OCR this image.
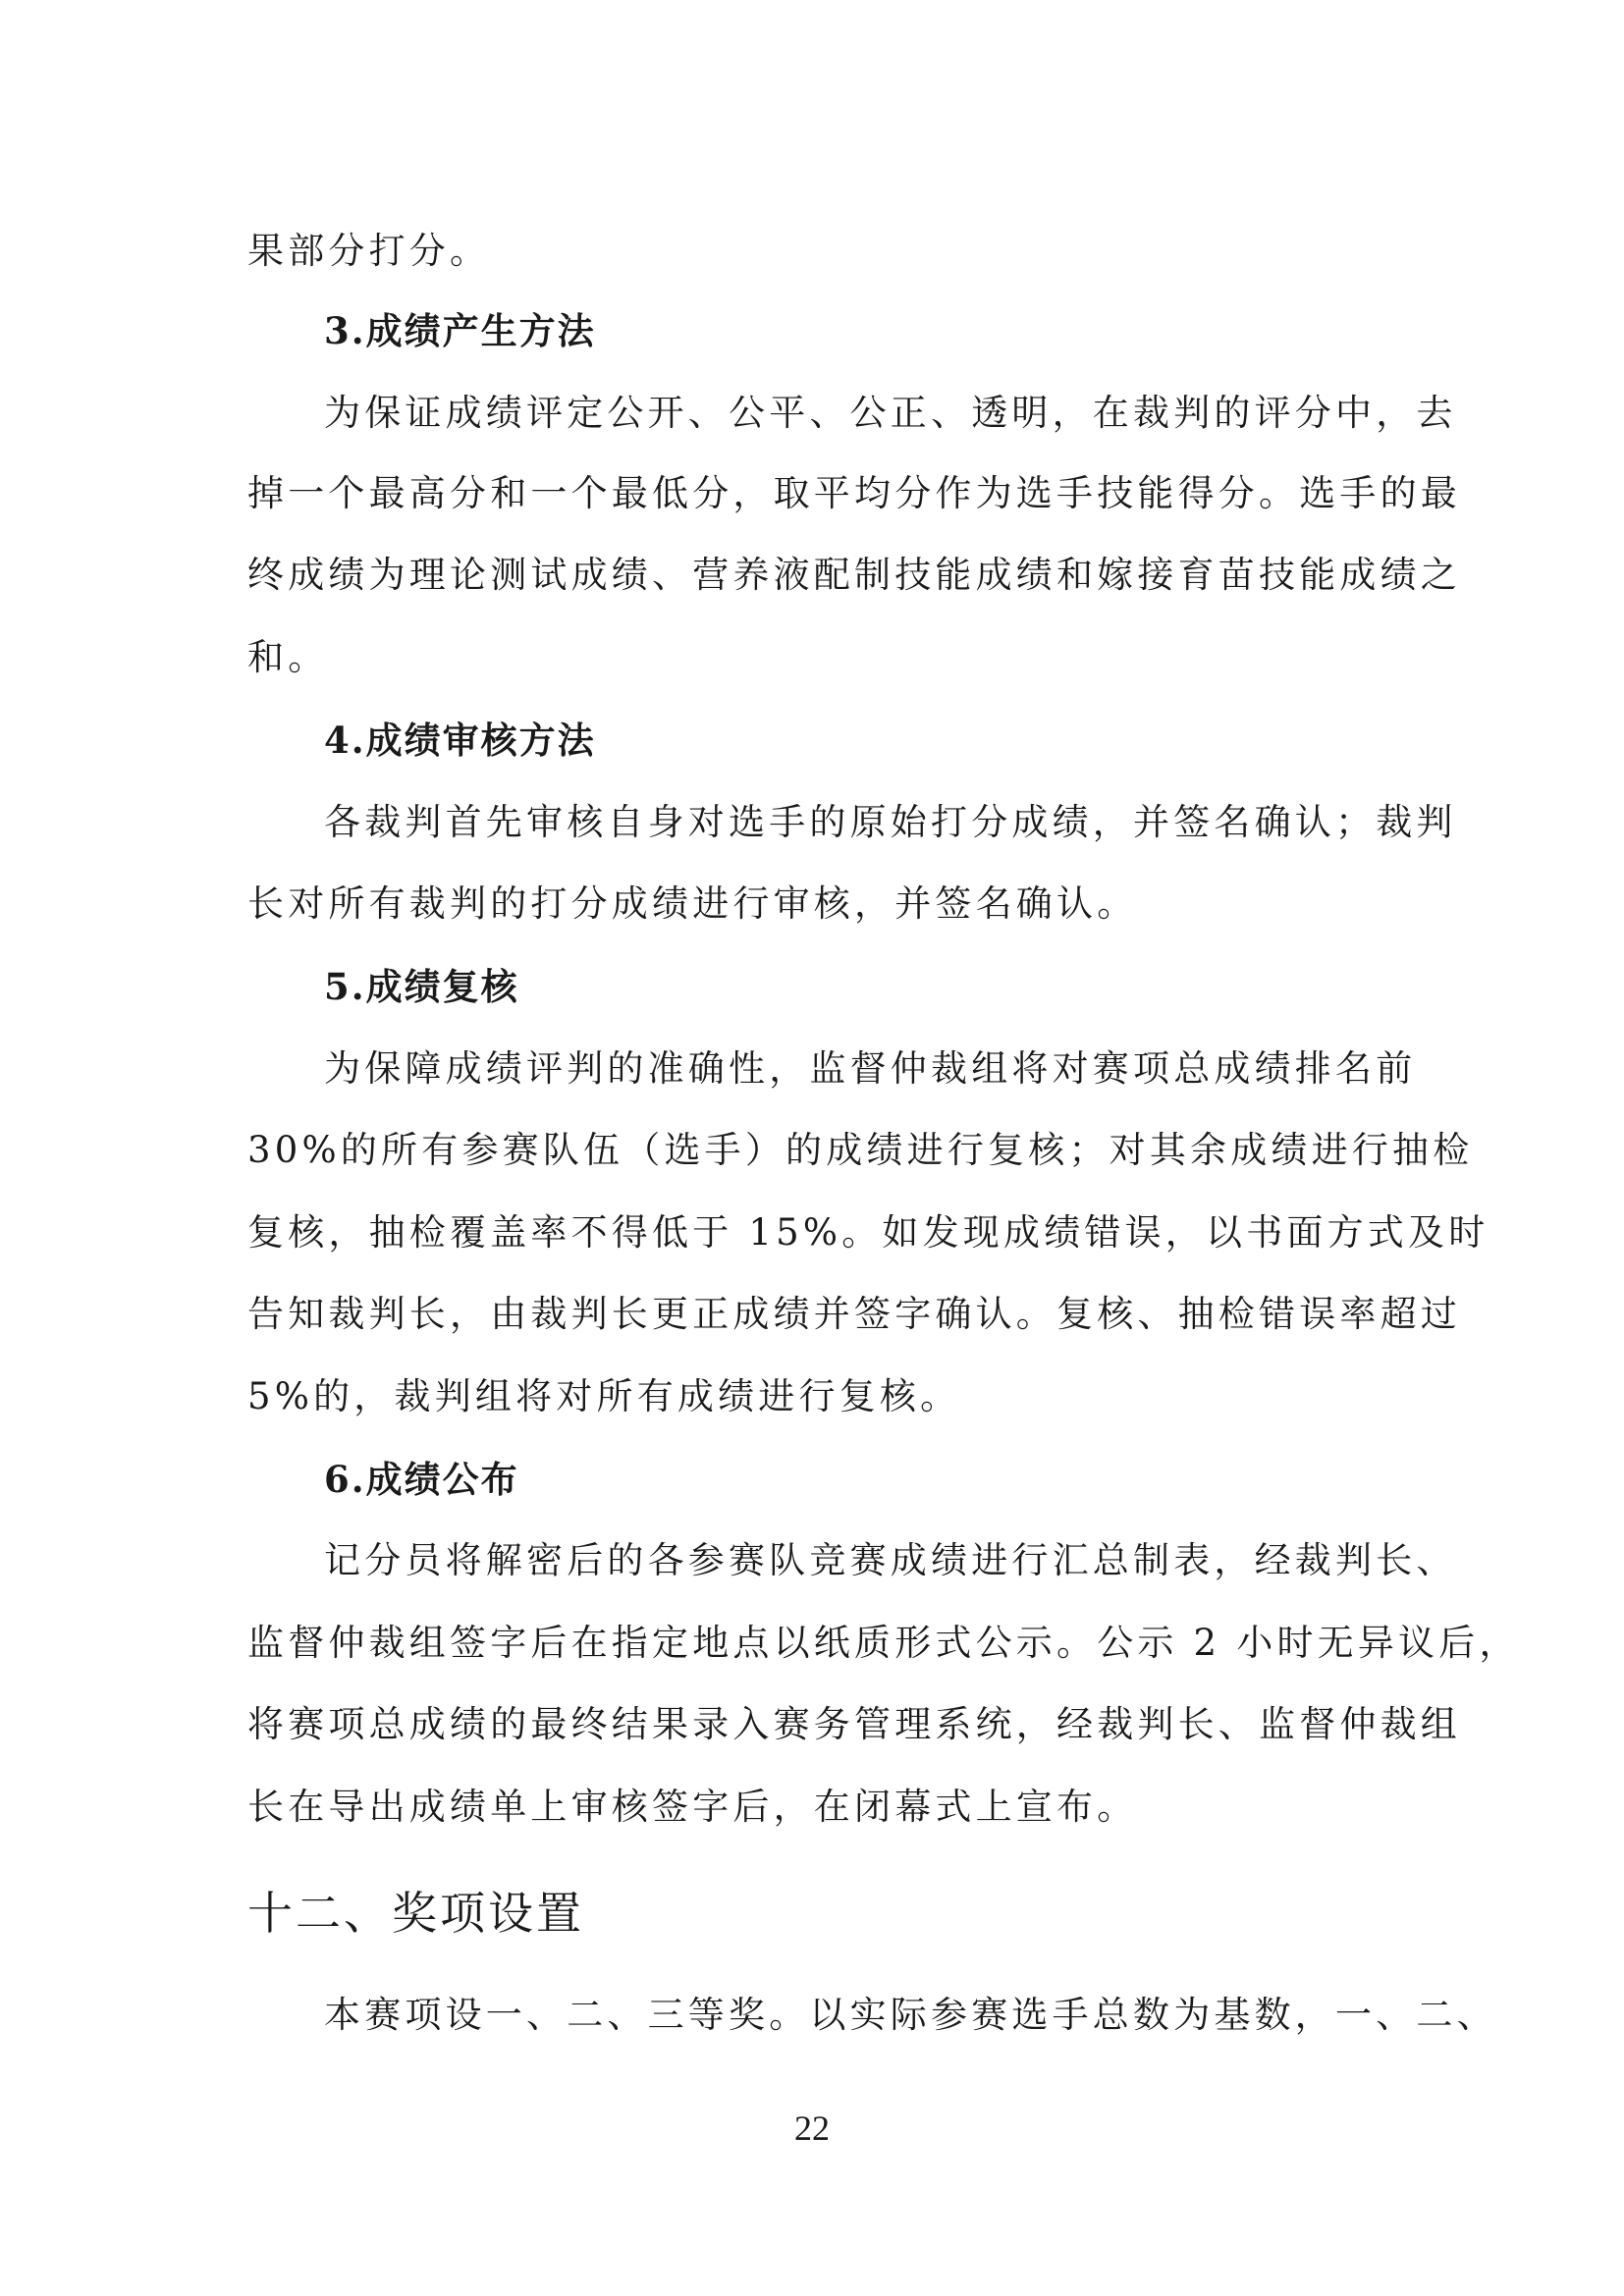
果部分打分。
3.成绩产生方法
为保证成绩评定公开、公平、公正、透明，在裁判的评分中，去
掉一个最高分和一个最低分，取平均分作为选手技能得分。选手的最
终成绩为理论测试成绩、营养液配制技能成绩和嫁接育苗技能成绩之
和。
4.成绩审核方法
各裁判首先审核自身对选手的原始打分成绩，并签名确认；裁判
长对所有裁判的打分成绩进行审核，并签名确认。
5.成绩复核
为保障成绩评判的准确性，监督仲裁组将对赛项总成绩排名前
30%的所有参赛队伍（选手）的成绩进行复核；对其余成绩进行抽检
复核，抽检覆盖率不得低于 15%。如发现成绩错误，以书面方式及时
告知裁判长，由裁判长更正成绩并签字确认。复核、抽检错误率超过
5%的，裁判组将对所有成绩进行复核。
6.成绩公布
记分员将解密后的各参赛队竞赛成绩进行汇总制表，经裁判长、
监督仲裁组签字后在指定地点以纸质形式公示。公示 2 小时无异议后，
将赛项总成绩的最终结果录入赛务管理系统，经裁判长、监督仲裁组
长在导出成绩单上审核签字后，在闭幕式上宣布。
十二、奖项设置
本赛项设一、二、三等奖。以实际参赛选手总数为基数，一、二、
22
